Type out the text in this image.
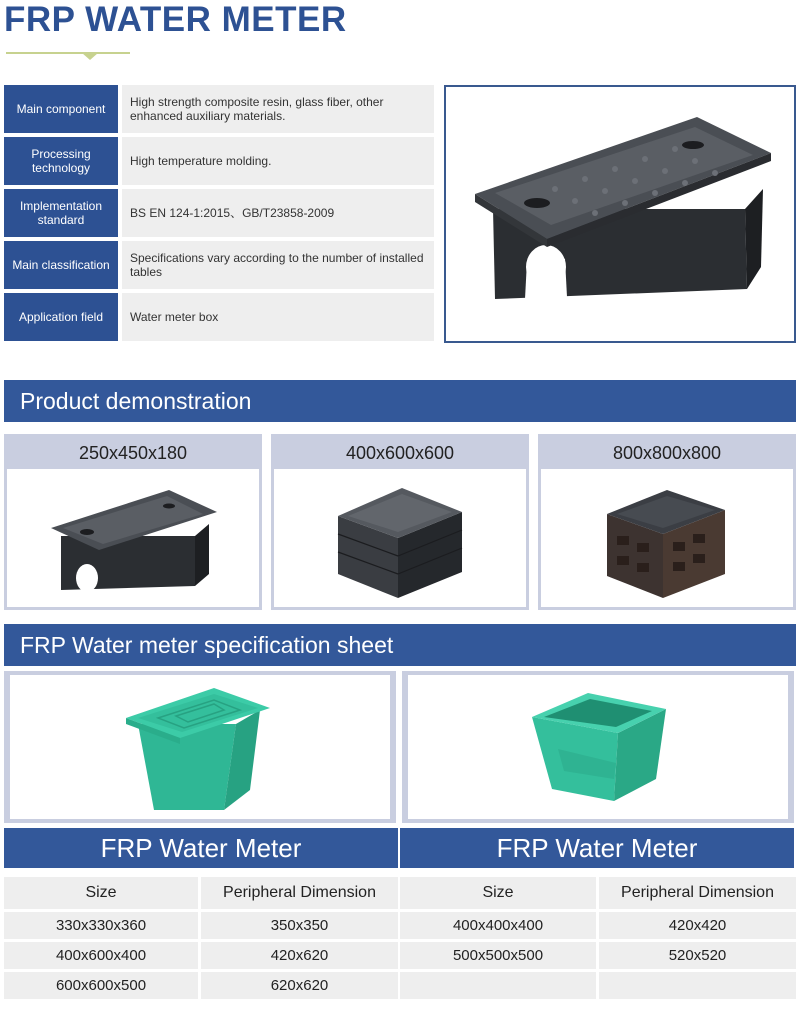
FRP WATER METER
Main component	High strength composite resin, glass fiber, other enhanced auxiliary materials.
Processing technology	High temperature molding.
Implementation standard	BS EN 124-1:2015、GB/T23858-2009
Main classification	Specifications vary according to the number of installed tables
Application field	Water meter box
Product demonstration
250x450x180	400x600x600	800x800x800
FRP Water meter specification sheet
FRP Water Meter	FRP Water Meter
Size	Peripheral Dimension
330x330x360	350x350
400x600x400	420x620
600x600x500	620x620
Size	Peripheral Dimension
400x400x400	420x420
500x500x500	520x520
